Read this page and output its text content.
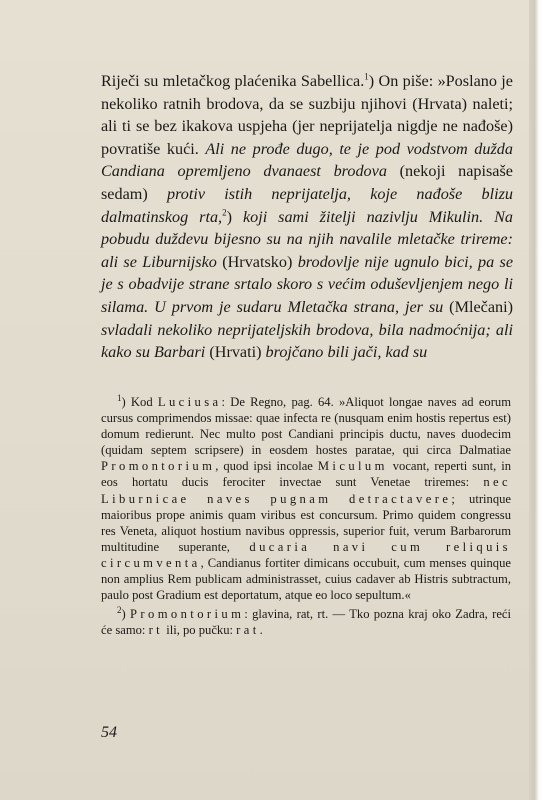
Riječi su mletačkog plaćenika Sabellica.$^1$) On piše: »Poslano je nekoliko ratnih brodova, da se suzbiju njihovi (Hrvata) naleti; ali ti se bez ikakova uspjeha (jer neprijatelja nigdje ne nađoše) povratiše kući. Ali ne prođe dugo, te je pod vodstvom dužda Candiana opremljeno dvanaest brodova (nekoji napisaše sedam) protiv istih neprijatelja, koje nađoše blizu dalmatinskog rta,$^2$) koji sami žitelji nazivlju Mikulin. Na pobudu duždevu bijesno su na njih navalile mletačke trireme: ali se Liburnijsko (Hrvatsko) brodovlje nije ugnulo bici, pa se je s obadvije strane srtalo skoro s većim oduševljenjem nego li silama. U prvom je sudaru Mletačka strana, jer su (Mlečani) svladali nekoliko neprijateljskih brodova, bila nadmoćnija; ali kako su Barbari (Hrvati) brojčano bili jači, kad su

$^1$) Kod Luciusa: De Regno, pag. 64. »Aliquot longae naves ad eorum cursus comprimendos missae: quae infecta re (nusquam enim hostis repertus est) domum redierunt. Nec multo post Candiani principis ductu, naves duodecim (quidam septem scripsere) in eosdem hostes paratae, qui circa Dalmatiae Promontorium, quod ipsi incolae Miculum vocant, reperti sunt, in eos hortatu ducis ferociter invectae sunt Venetae triremes: nec Liburnicae naves pugnam detractavere; utrinque maioribus prope animis quam viribus est concursum. Primo quidem congressu res Veneta, aliquot hostium navibus oppressis, superior fuit, verum Barbarorum multitudine superante, ducaria navi cum reliquis circumventa, Candianus fortiter dimicans occubuit, cum menses quinque non amplius Rem publicam administrasset, cuius cadaver ab Histris subtractum, paulo post Gradium est deportatum, atque eo loco sepultum.«

$^2$) Promontorium: glavina, rat, rt. — Tko pozna kraj oko Zadra, reći će samo: rt ili, po pučku: rat.

54
